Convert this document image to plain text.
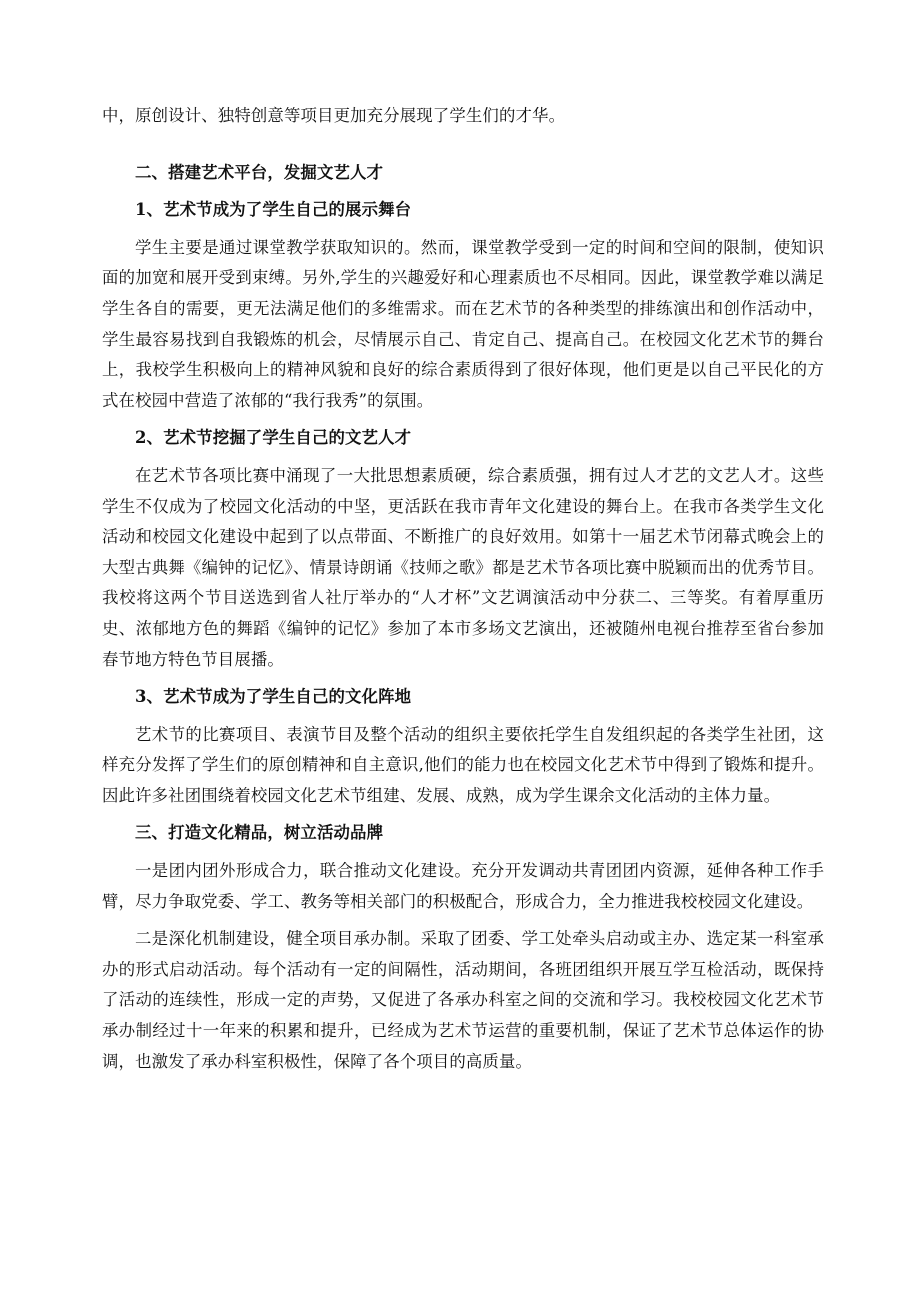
中，原创设计、独特创意等项目更加充分展现了学生们的才华。

二、搭建艺术平台，发掘文艺人才

1、艺术节成为了学生自己的展示舞台

学生主要是通过课堂教学获取知识的。然而，课堂教学受到一定的时间和空间的限制，使知识面的加宽和展开受到束缚。另外,学生的兴趣爱好和心理素质也不尽相同。因此，课堂教学难以满足学生各自的需要，更无法满足他们的多维需求。而在艺术节的各种类型的排练演出和创作活动中，学生最容易找到自我锻炼的机会，尽情展示自己、肯定自己、提高自己。在校园文化艺术节的舞台上，我校学生积极向上的精神风貌和良好的综合素质得到了很好体现，他们更是以自己平民化的方式在校园中营造了浓郁的“我行我秀”的氛围。

2、艺术节挖掘了学生自己的文艺人才

在艺术节各项比赛中涌现了一大批思想素质硬，综合素质强，拥有过人才艺的文艺人才。这些学生不仅成为了校园文化活动的中坚，更活跃在我市青年文化建设的舞台上。在我市各类学生文化活动和校园文化建设中起到了以点带面、不断推广的良好效用。如第十一届艺术节闭幕式晚会上的大型古典舞《编钟的记忆》、情景诗朗诵《技师之歌》都是艺术节各项比赛中脱颖而出的优秀节目。我校将这两个节目送选到省人社厅举办的“人才杯”文艺调演活动中分获二、三等奖。有着厚重历史、浓郁地方色的舞蹈《编钟的记忆》参加了本市多场文艺演出，还被随州电视台推荐至省台参加春节地方特色节目展播。

3、艺术节成为了学生自己的文化阵地

艺术节的比赛项目、表演节目及整个活动的组织主要依托学生自发组织起的各类学生社团，这样充分发挥了学生们的原创精神和自主意识,他们的能力也在校园文化艺术节中得到了锻炼和提升。因此许多社团围绕着校园文化艺术节组建、发展、成熟，成为学生课余文化活动的主体力量。

三、打造文化精品，树立活动品牌

一是团内团外形成合力，联合推动文化建设。充分开发调动共青团团内资源，延伸各种工作手臂，尽力争取党委、学工、教务等相关部门的积极配合，形成合力，全力推进我校校园文化建设。

二是深化机制建设，健全项目承办制。采取了团委、学工处牵头启动或主办、选定某一科室承办的形式启动活动。每个活动有一定的间隔性，活动期间，各班团组织开展互学互检活动，既保持了活动的连续性，形成一定的声势，又促进了各承办科室之间的交流和学习。我校校园文化艺术节承办制经过十一年来的积累和提升，已经成为艺术节运营的重要机制，保证了艺术节总体运作的协调，也激发了承办科室积极性，保障了各个项目的高质量。
